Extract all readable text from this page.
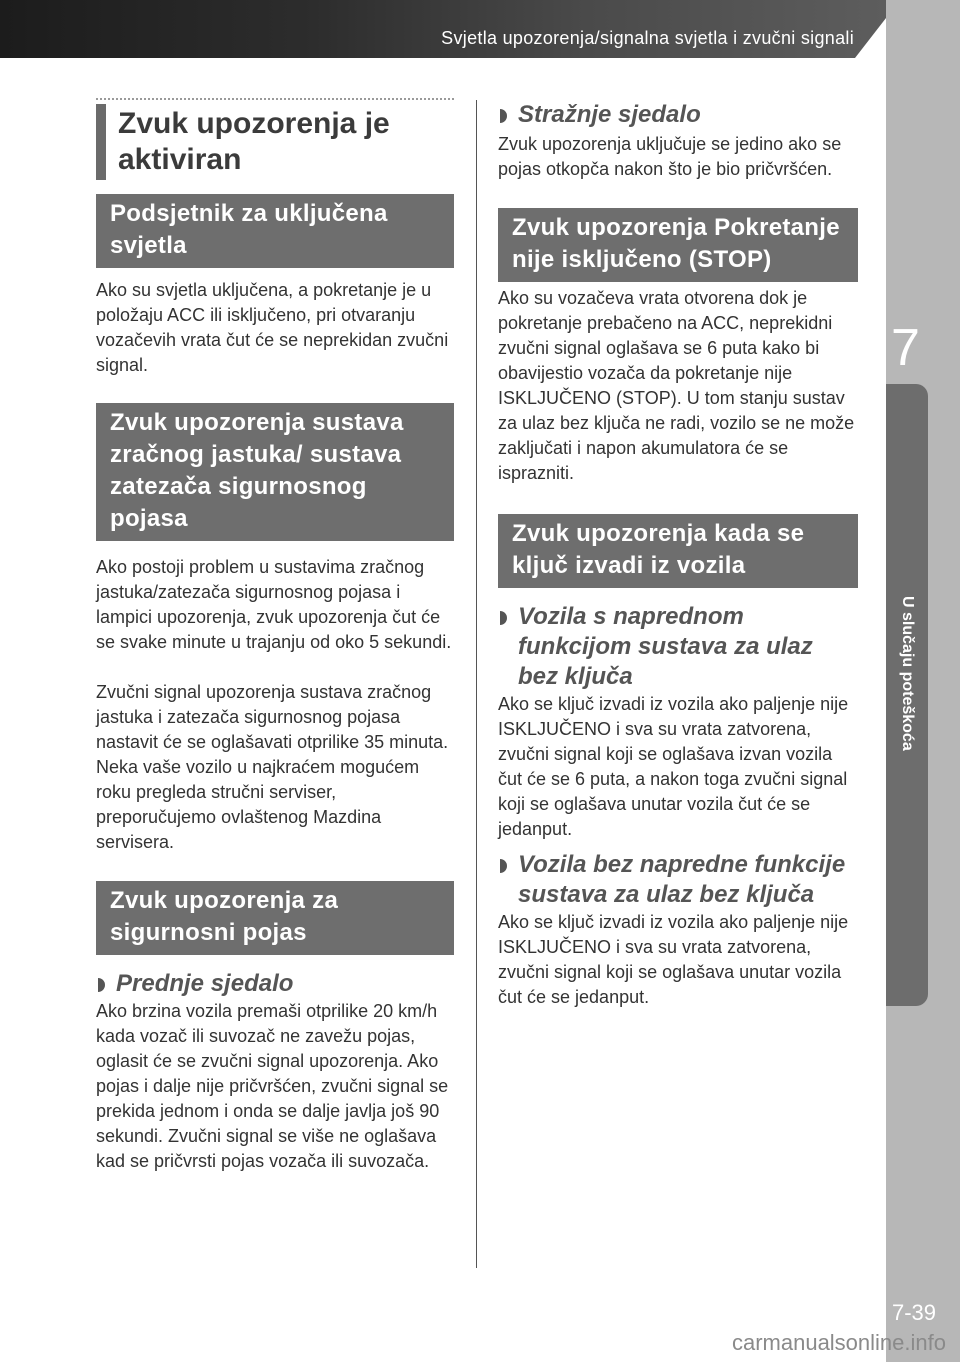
Svjetla upozorenja/signalna svjetla i zvučni signali
7
U slučaju poteškoća
7-39
Zvuk upozorenja je
aktiviran
Podsjetnik za uključena svjetla

Ako su svjetla uključena, a pokretanje je u položaju ACC ili isključeno, pri otvaranju vozačevih vrata čut će se neprekidan zvučni signal.

Zvuk upozorenja sustava zračnog jastuka/ sustava zatezača sigurnosnog pojasa

Ako postoji problem u sustavima zračnog jastuka/zatezača sigurnosnog pojasa i lampici upozorenja, zvuk upozorenja čut će se svake minute u trajanju od oko 5 sekundi.

Zvučni signal upozorenja sustava zračnog jastuka i zatezača sigurnosnog pojasa nastavit će se oglašavati otprilike 35 minuta. Neka vaše vozilo u najkraćem mogućem roku pregleda stručni serviser, preporučujemo ovlaštenog Mazdina servisera.

Zvuk upozorenja za sigurnosni pojas
Prednje sjedalo

Ako brzina vozila premaši otprilike 20 km/h kada vozač ili suvozač ne zavežu pojas, oglasit će se zvučni signal upozorenja. Ako pojas i dalje nije pričvršćen, zvučni signal se prekida jednom i onda se dalje javlja još 90 sekundi. Zvučni signal se više ne oglašava kad se pričvrsti pojas vozača ili suvozača.

Stražnje sjedalo

Zvuk upozorenja uključuje se jedino ako se pojas otkopča nakon što je bio pričvršćen.

Zvuk upozorenja Pokretanje nije isključeno (STOP)

Ako su vozačeva vrata otvorena dok je pokretanje prebačeno na ACC, neprekidni zvučni signal oglašava se 6 puta kako bi obavijestio vozača da pokretanje nije ISKLJUČENO (STOP). U tom stanju sustav za ulaz bez ključa ne radi, vozilo se ne može zaključati i napon akumulatora će se isprazniti.

Zvuk upozorenja kada se ključ izvadi iz vozila
Vozila s naprednom funkcijom sustava za ulaz bez ključa

Ako se ključ izvadi iz vozila ako paljenje nije ISKLJUČENO i sva su vrata zatvorena, zvučni signal koji se oglašava izvan vozila čut će se 6 puta, a nakon toga zvučni signal koji se oglašava unutar vozila čut će se jedanput.

Vozila bez napredne funkcije sustava za ulaz bez ključa

Ako se ključ izvadi iz vozila ako paljenje nije ISKLJUČENO i sva su vrata zatvorena, zvučni signal koji se oglašava unutar vozila čut će se jedanput.

carmanualsonline.info
